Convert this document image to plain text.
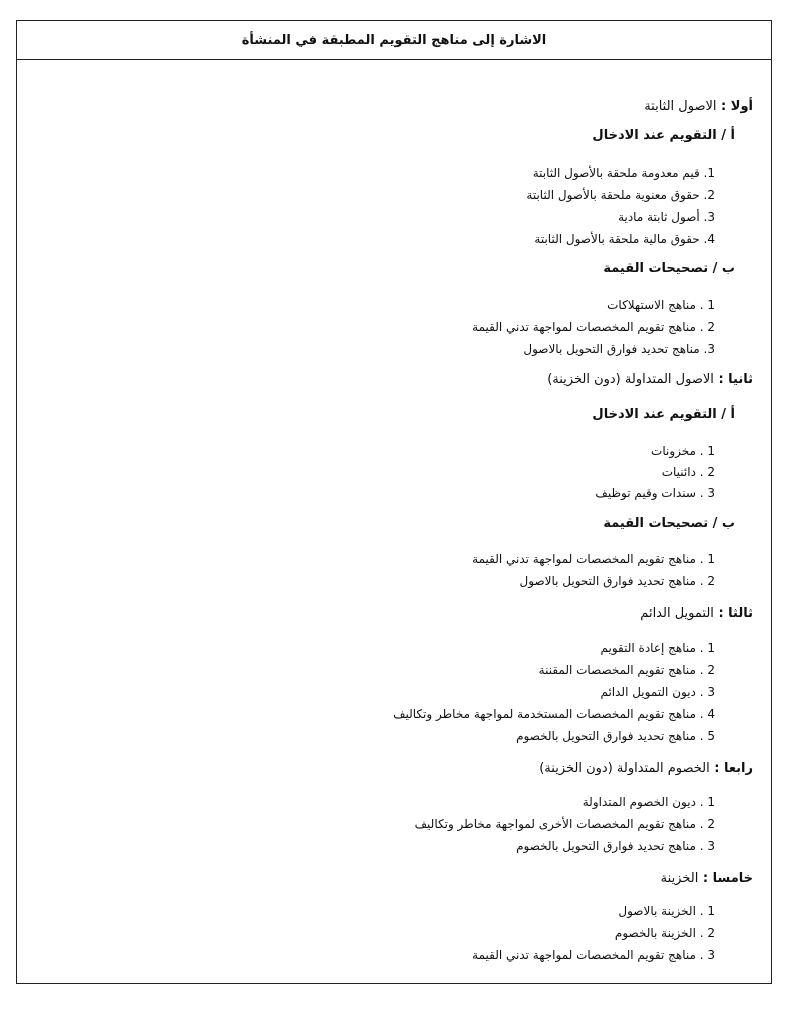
الاشارة إلى مناهج التقويم المطبقة في المنشأة
أولا : الاصول الثابتة
أ / التقويم عند الادخال
1. قيم معدومة ملحقة بالأصول الثابتة
2. حقوق معنوية ملحقة بالأصول الثابتة
3. أصول ثابتة مادية
4. حقوق مالية ملحقة بالأصول الثابتة
ب / تصحيحات القيمة
1 . مناهج الاستهلاكات
2 . مناهج تقويم المخصصات لمواجهة تدني القيمة
3. مناهج تحديد فوارق التحويل بالاصول
ثانيا : الاصول المتداولة (دون الخزينة)
أ / التقويم عند الادخال
1 . مخزونات
2 . دائنيات
3 . سندات وقيم توظيف
ب / تصحيحات القيمة
1 . مناهج تقويم المخصصات لمواجهة تدني القيمة
2 . مناهج تحديد فوارق التحويل بالاصول
ثالثا : التمويل الدائم
1 . مناهج إعادة التقويم
2 . مناهج تقويم المخصصات المقننة
3 . ديون التمويل الدائم
4 . مناهج تقويم المخصصات المستخدمة لمواجهة مخاطر وتكاليف
5 . مناهج تحديد فوارق التحويل بالخصوم
رابعا : الخصوم المتداولة (دون الخزينة)
1 . ديون الخصوم المتداولة
2 . مناهج تقويم المخصصات الأخرى لمواجهة مخاطر وتكاليف
3 . مناهج تحديد فوارق التحويل بالخصوم
خامسا : الخزينة
1 . الخزينة بالاصول
2 . الخزينة بالخصوم
3 . مناهج تقويم المخصصات لمواجهة تدني القيمة
